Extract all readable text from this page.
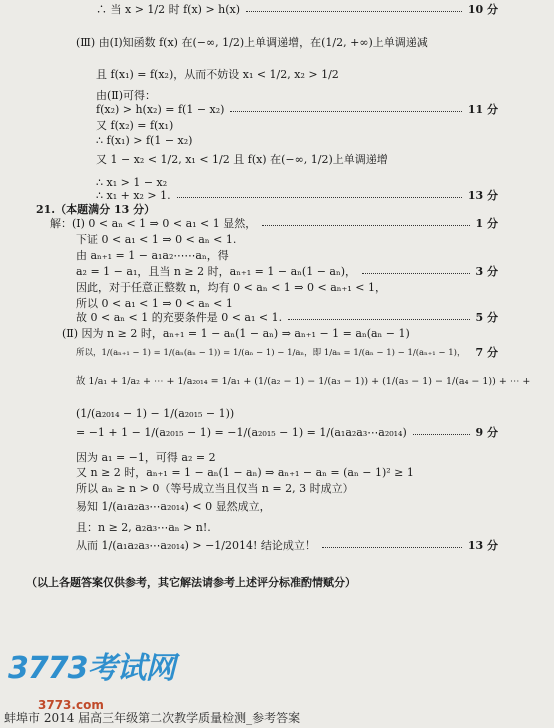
∴ 当 x > 1/2 时 f(x) > h(x)	10 分
(Ⅲ) 由(Ⅰ)知函数 f(x) 在(−∞, 1/2)上单调递增，在(1/2, +∞)上单调递减
且 f(x₁) = f(x₂)，从而不妨设 x₁ < 1/2, x₂ > 1/2
由(Ⅱ)可得：
f(x₂) > h(x₂) = f(1 − x₂)	11 分
又 f(x₂) = f(x₁)
∴ f(x₁) > f(1 − x₂)
又 1 − x₂ < 1/2, x₁ < 1/2 且 f(x) 在(−∞, 1/2)上单调递增
∴ x₁ > 1 − x₂
∴ x₁ + x₂ > 1.	13 分
21.（本题满分 13 分）
解：(Ⅰ) 0 < aₙ < 1 ⇒ 0 < a₁ < 1 显然，	1 分
下证 0 < a₁ < 1 ⇒ 0 < aₙ < 1.
由 aₙ₊₁ = 1 − a₁a₂⋯⋯aₙ，得
a₂ = 1 − a₁，且当 n ≥ 2 时，aₙ₊₁ = 1 − aₙ(1 − aₙ)，	3 分
因此，对于任意正整数 n，均有 0 < aₙ < 1 ⇒ 0 < aₙ₊₁ < 1，
所以 0 < a₁ < 1 ⇒ 0 < aₙ < 1
故 0 < aₙ < 1 的充要条件是 0 < a₁ < 1.	5 分
(Ⅱ) 因为 n ≥ 2 时，aₙ₊₁ = 1 − aₙ(1 − aₙ) ⇒ aₙ₊₁ − 1 = aₙ(aₙ − 1)
所以，1/(aₙ₊₁ − 1) = 1/(aₙ(aₙ − 1)) = 1/(aₙ − 1) − 1/aₙ，即 1/aₙ = 1/(aₙ − 1) − 1/(aₙ₊₁ − 1)， 7 分
故 1/a₁ + 1/a₂ + ⋯ + 1/a₂₀₁₄ = 1/a₁ + (1/(a₂ − 1) − 1/(a₃ − 1)) + (1/(a₃ − 1) − 1/(a₄ − 1)) + ⋯ +
(1/(a₂₀₁₄ − 1) − 1/(a₂₀₁₅ − 1))
= −1 + 1 − 1/(a₂₀₁₅ − 1) = −1/(a₂₀₁₅ − 1) = 1/(a₁a₂a₃⋯a₂₀₁₄)	9 分
因为 a₁ = −1，可得 a₂ = 2
又 n ≥ 2 时，aₙ₊₁ = 1 − aₙ(1 − aₙ) ⇒ aₙ₊₁ − aₙ = (aₙ − 1)² ≥ 1
所以 aₙ ≥ n > 0（等号成立当且仅当 n = 2, 3 时成立）
易知 1/(a₁a₂a₃⋯a₂₀₁₄) < 0 显然成立，
且：n ≥ 2, a₂a₃⋯aₙ > n!.
从而 1/(a₁a₂a₃⋯a₂₀₁₄) > −1/2014! 结论成立！	13 分
（以上各题答案仅供参考，其它解法请参考上述评分标准酌情赋分）
3773考试网
3773.com
蚌埠市 2014 届高三年级第二次教学质量检测_参考答案
